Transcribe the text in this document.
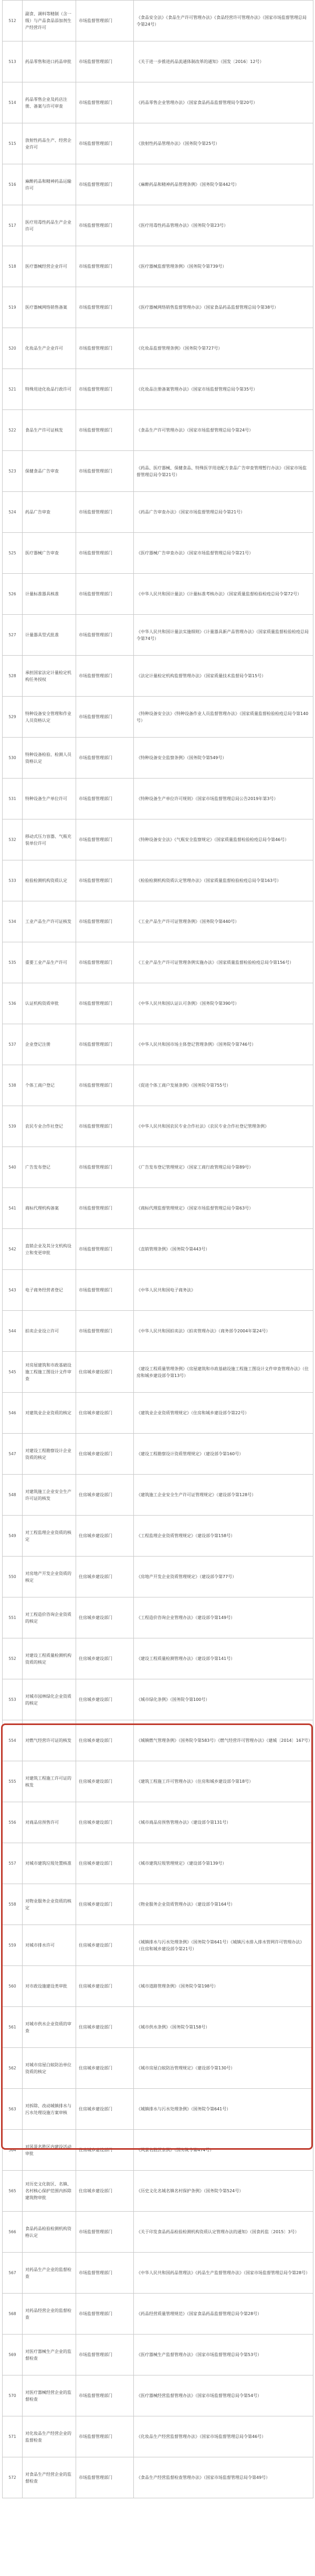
512	副食、调料等精制（含一级）与产品食品添加剂生产经营许可	市场监督管理部门	《食品安全法》《食品生产许可管理办法》《食品经营许可管理办法》（国家市场监督管理总局令第24号）
513	药品零售和进口药品审批	市场监督管理部门	《关于进一步推进药品流通体制改革的通知》（国发〔2016〕12号）
514	药品零售企业及药店注册、备案与许可审查	市场监督管理部门	《药品零售企业管理办法》（国家食品药品监督管理局令第20号）
515	放射性药品生产、经营企业许可	市场监督管理部门	《放射性药品管理办法》（国务院令第25号）
516	麻醉药品和精神药品运输许可	市场监督管理部门	《麻醉药品和精神药品管理条例》（国务院令第442号）
517	医疗用毒性药品生产企业许可	市场监督管理部门	《医疗用毒性药品管理办法》（国务院令第23号）
518	医疗器械经营企业许可	市场监督管理部门	《医疗器械监督管理条例》（国务院令第739号）
519	医疗器械网络销售备案	市场监督管理部门	《医疗器械网络销售监督管理办法》（国家食品药品监督管理总局令第38号）
520	化妆品生产企业许可	市场监督管理部门	《化妆品监督管理条例》（国务院令第727号）
521	特殊用途化妆品行政许可	市场监督管理部门	《化妆品注册备案管理办法》（国家市场监督管理总局令第35号）
522	食品生产许可证核发	市场监督管理部门	《食品生产许可管理办法》（国家市场监督管理总局令第24号）
523	保健食品广告审查	市场监督管理部门	《药品、医疗器械、保健食品、特殊医学用途配方食品广告审查管理暂行办法》（国家市场监督管理总局令第21号）
524	药品广告审查	市场监督管理部门	《药品广告审查办法》（国家市场监督管理总局令第21号）
525	医疗器械广告审查	市场监督管理部门	《医疗器械广告审查办法》（国家市场监督管理总局令第21号）
526	计量标准器具核准	市场监督管理部门	《中华人民共和国计量法》《计量标准考核办法》（国家质量监督检验检疫总局令第72号）
527	计量器具型式批准	市场监督管理部门	《中华人民共和国计量法实施细则》《计量器具新产品管理办法》（国家质量监督检验检疫总局令第74号）
528	承担国家法定计量检定机构任务授权	市场监督管理部门	《法定计量检定机构监督管理办法》（国家质量技术监督局令第15号）
529	特种设备安全管理和作业人员资格认定	市场监督管理部门	《特种设备安全法》《特种设备作业人员监督管理办法》（国家质量监督检验检疫总局令第140号）
530	特种设备检验、检测人员资格认定	市场监督管理部门	《特种设备安全监察条例》（国务院令第549号）
531	特种设备生产单位许可	市场监督管理部门	《特种设备生产单位许可规则》（国家市场监督管理总局公告2019年第3号）
532	移动式压力容器、气瓶充装单位许可	市场监督管理部门	《特种设备安全法》《气瓶安全监察规定》（国家质量监督检验检疫总局令第46号）
533	检验检测机构资质认定	市场监督管理部门	《检验检测机构资质认定管理办法》（国家质量监督检验检疫总局令第163号）
534	工业产品生产许可证核发	市场监督管理部门	《工业产品生产许可证管理条例》（国务院令第440号）
535	重要工业产品生产许可	市场监督管理部门	《工业产品生产许可证管理条例实施办法》（国家质量监督检验检疫总局令第156号）
536	认证机构资质审批	市场监督管理部门	《中华人民共和国认证认可条例》（国务院令第390号）
537	企业登记注册	市场监督管理部门	《中华人民共和国市场主体登记管理条例》（国务院令第746号）
538	个体工商户登记	市场监督管理部门	《促进个体工商户发展条例》（国务院令第755号）
539	农民专业合作社登记	市场监督管理部门	《中华人民共和国农民专业合作社法》《农民专业合作社登记管理条例》
540	广告发布登记	市场监督管理部门	《广告发布登记管理规定》（国家工商行政管理总局令第89号）
541	商标代理机构备案	市场监督管理部门	《商标代理监督管理规定》（国家市场监督管理总局令第63号）
542	直销企业及其分支机构设立和变更审批	市场监督管理部门	《直销管理条例》（国务院令第443号）
543	电子商务经营者登记	市场监督管理部门	《中华人民共和国电子商务法》
544	拍卖企业设立许可	市场监督管理部门	《中华人民共和国拍卖法》《拍卖管理办法》（商务部令2004年第24号）
545	对房屋建筑和市政基础设施工程施工图设计文件审查	住房城乡建设部门	《建设工程质量管理条例》《房屋建筑和市政基础设施工程施工图设计文件审查管理办法》（住房和城乡建设部令第13号）
546	对建筑业企业资质的核定	住房城乡建设部门	《建筑业企业资质管理规定》（住房和城乡建设部令第22号）
547	对建设工程勘察设计企业资质的核定	住房城乡建设部门	《建设工程勘察设计资质管理规定》（建设部令第160号）
548	对建筑施工企业安全生产许可证的核发	住房城乡建设部门	《建筑施工企业安全生产许可证管理规定》（建设部令第128号）
549	对工程监理企业资质的核定	住房城乡建设部门	《工程监理企业资质管理规定》（建设部令第158号）
550	对房地产开发企业资质的核定	住房城乡建设部门	《房地产开发企业资质管理规定》（建设部令第77号）
551	对工程造价咨询企业资质的核定	住房城乡建设部门	《工程造价咨询企业管理办法》（建设部令第149号）
552	对建设工程质量检测机构资质的核定	住房城乡建设部门	《建设工程质量检测管理办法》（建设部令第141号）
553	对城市园林绿化企业资质的核定	住房城乡建设部门	《城市绿化条例》（国务院令第100号）
554	对燃气经营许可证的核发	住房城乡建设部门	《城镇燃气管理条例》（国务院令第583号）《燃气经营许可管理办法》（建城〔2014〕167号）
555	对建筑工程施工许可证的核发	住房城乡建设部门	《建筑工程施工许可管理办法》（住房和城乡建设部令第18号）
556	对商品房预售许可	住房城乡建设部门	《城市商品房预售管理办法》（建设部令第131号）
557	对城市建筑垃圾处置核准	住房城乡建设部门	《城市建筑垃圾管理规定》（建设部令第139号）
558	对物业服务企业资质的核定	住房城乡建设部门	《物业服务企业资质管理办法》（建设部令第164号）
559	对城市排水许可	住房城乡建设部门	《城镇排水与污水处理条例》（国务院令第641号）《城镇污水排入排水管网许可管理办法》（住房和城乡建设部令第21号）
560	对市政设施建设类审批	住房城乡建设部门	《城市道路管理条例》（国务院令第198号）
561	对城市供水企业资质的审查	住房城乡建设部门	《城市供水条例》（国务院令第158号）
562	对城市房屋白蚁防治单位资质的核定	住房城乡建设部门	《城市房屋白蚁防治管理规定》（建设部令第130号）
563	对拆除、改动城镇排水与污水处理设施方案审核	住房城乡建设部门	《城镇排水与污水处理条例》（国务院令第641号）
564	对风景名胜区内建设活动审批	住房城乡建设部门	《风景名胜区条例》（国务院令第474号）
565	对历史文化街区、名镇、名村核心保护范围内拆除建筑物审批	住房城乡建设部门	《历史文化名城名镇名村保护条例》（国务院令第524号）
566	食品药品检验检测机构资格认定	市场监督管理部门	《关于印发食品药品检验检测机构资质认定管理办法的通知》（国食药监〔2015〕3号）
567	对药品生产企业的监督检查	市场监督管理部门	《中华人民共和国药品管理法》《药品生产监督管理办法》（国家市场监督管理总局令第28号）
568	对药品经营企业的监督检查	市场监督管理部门	《药品经营质量管理规范》（国家食品药品监督管理总局令第28号）
569	对医疗器械生产企业的监督检查	市场监督管理部门	《医疗器械生产监督管理办法》（国家市场监督管理总局令第53号）
570	对医疗器械经营企业的监督检查	市场监督管理部门	《医疗器械经营监督管理办法》（国家市场监督管理总局令第54号）
571	对化妆品生产经营企业的监督检查	市场监督管理部门	《化妆品生产经营监督管理办法》（国家市场监督管理总局令第46号）
572	对食品生产经营企业的监督检查	市场监督管理部门	《食品生产经营监督检查管理办法》（国家市场监督管理总局令第49号）
